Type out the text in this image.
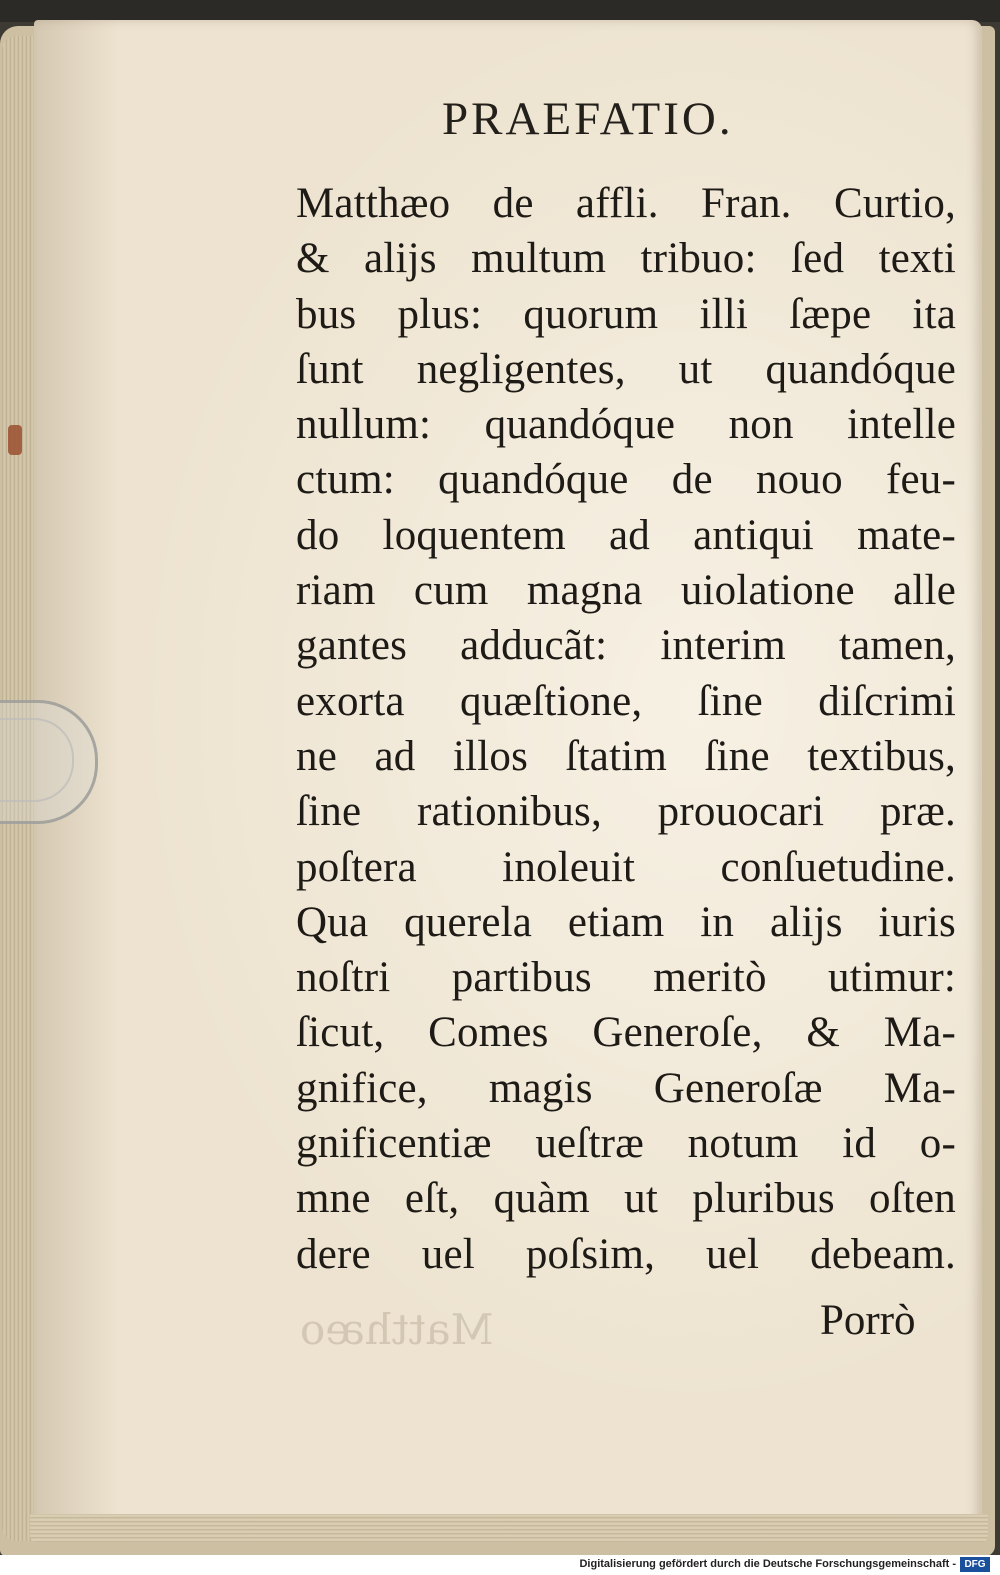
Matthæo
PRAEFATIO.
Matthæo de affli. Fran. Curtio,
& alijs multum tribuo: ſed texti
bus plus: quorum illi ſæpe ita
ſunt negligentes, ut quandóque
nullum: quandóque non intelle
ctum: quandóque de nouo feu-
do loquentem ad antiqui mate-
riam cum magna uiolatione alle
gantes adducãt: interim tamen,
exorta quæſtione, ſine diſcrimi
ne ad illos ſtatim ſine textibus,
ſine rationibus, prouocari præ.
poſtera inoleuit conſuetudine.
Qua querela etiam in alijs iuris
noſtri partibus meritò utimur:
ſicut, Comes Generoſe, & Ma-
gnifice, magis Generoſæ Ma-
gnificentiæ ueſtræ notum id o-
mne eſt, quàm ut pluribus oſten
dere uel poſsim, uel debeam.
Porrò
Digitalisierung gefördert durch die Deutsche Forschungsgemeinschaft - DFG
